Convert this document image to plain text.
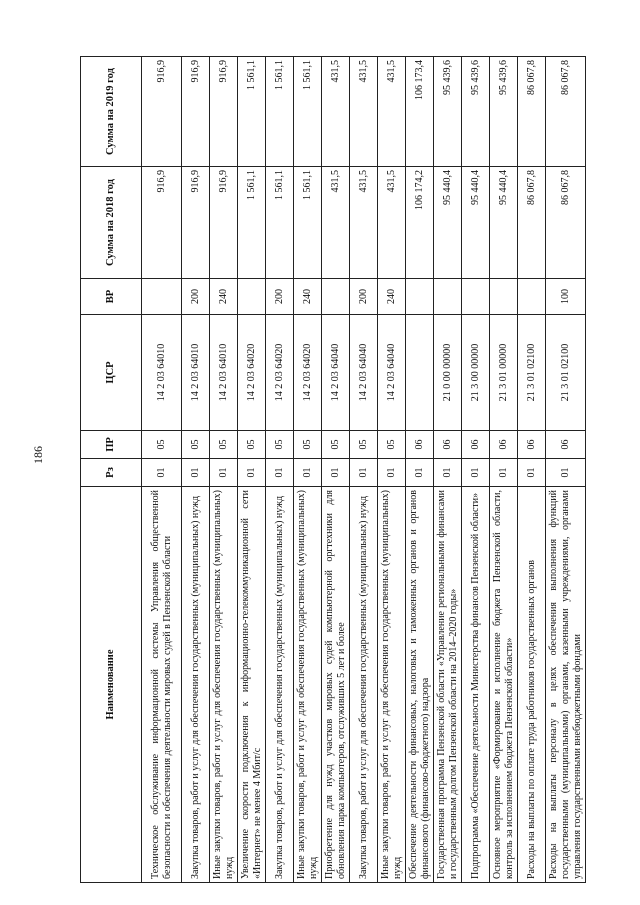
186
Наименование	Рз	ПР	ЦСР	ВР	Сумма на 2018 год	Сумма на 2019 год
Техническое обслуживание информационной системы Управления общественной безопасности и обеспечения деятельности мировых судей в Пензенской области	01	05	14 2 03 64010		916,9	916,9
Закупка товаров, работ и услуг для обеспечения государственных (муниципальных) нужд	01	05	14 2 03 64010	200	916,9	916,9
Иные закупки товаров, работ и услуг для обеспечения государственных (муниципальных) нужд	01	05	14 2 03 64010	240	916,9	916,9
Увеличение скорости подключения к информационно-телекоммуникационной сети «Интернет» не менее 4 Мбит/с	01	05	14 2 03 64020		1 561,1	1 561,1
Закупка товаров, работ и услуг для обеспечения государственных (муниципальных) нужд	01	05	14 2 03 64020	200	1 561,1	1 561,1
Иные закупки товаров, работ и услуг для обеспечения государственных (муниципальных) нужд	01	05	14 2 03 64020	240	1 561,1	1 561,1
Приобретение для нужд участков мировых судей компьютерной оргтехники для обновления парка компьютеров, отслуживших 5 лет и более	01	05	14 2 03 64040		431,5	431,5
Закупка товаров, работ и услуг для обеспечения государственных (муниципальных) нужд	01	05	14 2 03 64040	200	431,5	431,5
Иные закупки товаров, работ и услуг для обеспечения государственных (муниципальных) нужд	01	05	14 2 03 64040	240	431,5	431,5
Обеспечение деятельности финансовых, налоговых и таможенных органов и органов финансового (финансово-бюджетного) надзора	01	06			106 174,2	106 173,4
Государственная программа Пензенской области «Управление региональными финансами и государственным долгом Пензенской области на 2014–2020 годы»	01	06	21 0 00 00000		95 440,4	95 439,6
Подпрограмма «Обеспечение деятельности Министерства финансов Пензенской области»	01	06	21 3 00 00000		95 440,4	95 439,6
Основное мероприятие «Формирование и исполнение бюджета Пензенской области, контроль за исполнением бюджета Пензенской области»	01	06	21 3 01 00000		95 440,4	95 439,6
Расходы на выплаты по оплате труда работников государственных органов	01	06	21 3 01 02100		86 067,8	86 067,8
Расходы на выплаты персоналу в целях обеспечения выполнения функций государственными (муниципальными) органами, казенными учреждениями, органами управления государственными внебюджетными фондами	01	06	21 3 01 02100	100	86 067,8	86 067,8
